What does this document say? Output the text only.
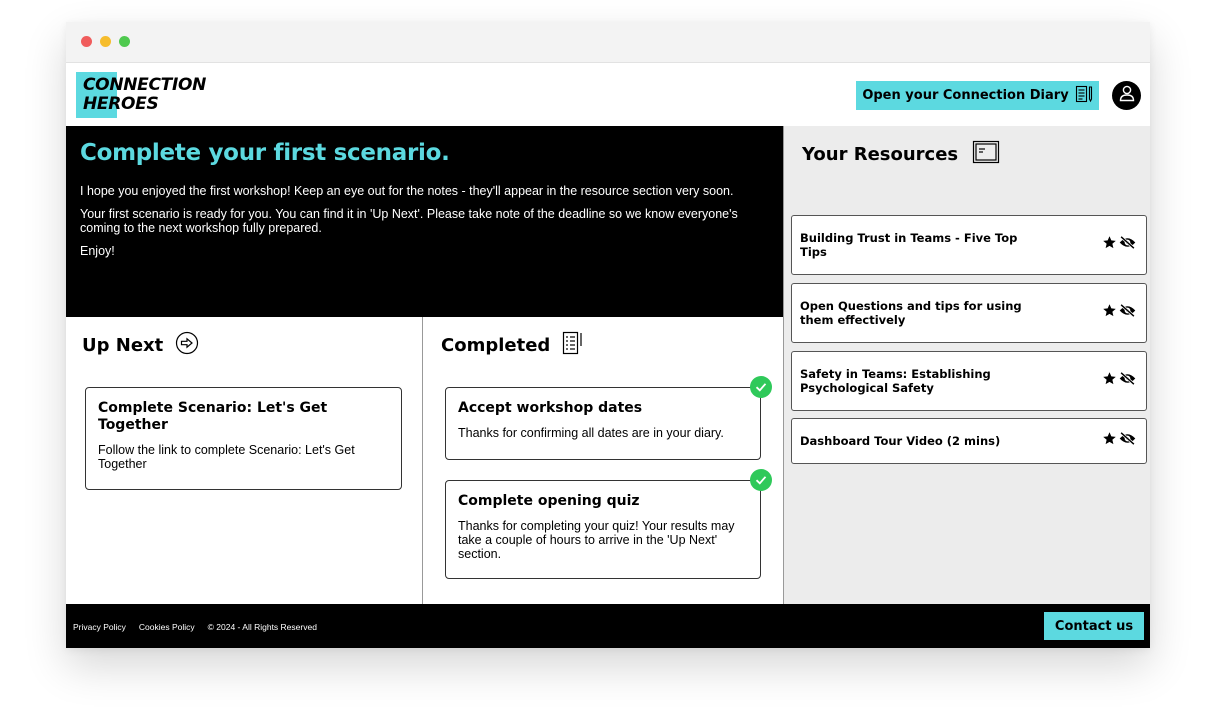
CONNECTION
HEROES	Open your Connection Diary
Complete your first scenario.

I hope you enjoyed the first workshop! Keep an eye out for the notes - they'll appear in the resource section very soon.

Your first scenario is ready for you. You can find it in 'Up Next'. Please take note of the deadline so we know everyone's coming to the next workshop fully prepared.

Enjoy!

Up Next
Complete Scenario: Let's Get Together
Follow the link to complete Scenario: Let's Get Together
Completed
Accept workshop dates
Thanks for confirming all dates are in your diary.
Complete opening quiz
Thanks for completing your quiz! Your results may take a couple of hours to arrive in the 'Up Next' section.
Your Resources
Building Trust in Teams - Five Top Tips
Open Questions and tips for using them effectively
Safety in Teams: Establishing Psychological Safety
Dashboard Tour Video (2 mins)
Privacy Policy Cookies Policy © 2024 - All Rights Reserved	Contact us
